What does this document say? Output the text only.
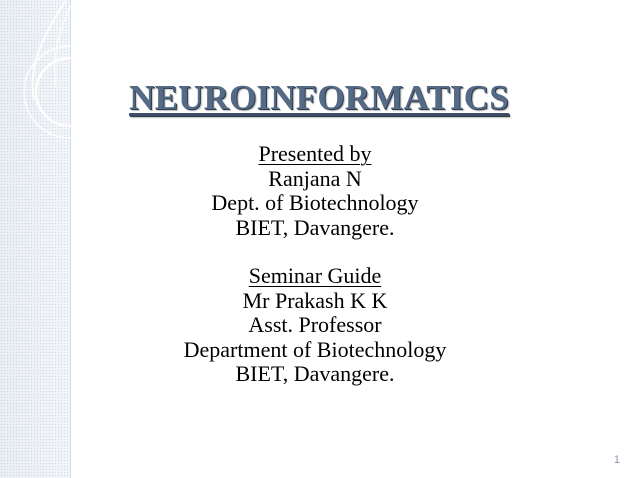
NEUROINFORMATICS
Presented by
Ranjana N
Dept. of Biotechnology
BIET, Davangere.
Seminar Guide
Mr Prakash K K
Asst. Professor
Department of Biotechnology
BIET, Davangere.
1
